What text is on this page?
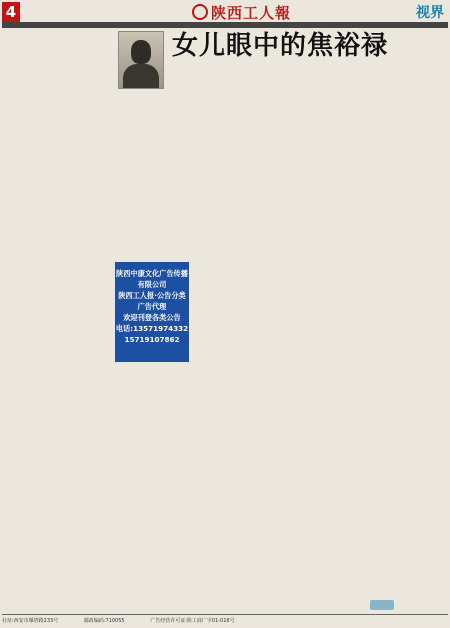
4	陕西工人報	视界

女儿眼中的焦裕禄

陕西中康文化广告传播有限公司
陕西工人报·公告分类广告代理
欢迎刊登各类公告
电话:13571974332
15719107862

社址:西安市雁塔路233号	邮政编码:710055	广告经营许可证:陕工商广字01-018号
